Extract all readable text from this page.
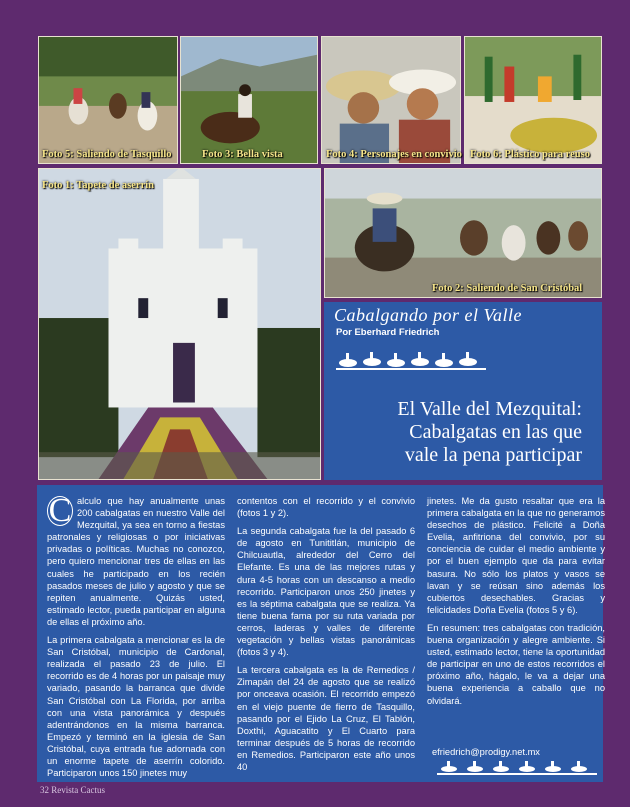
Foto 5: Saliendo de Tasquillo	Foto 3: Bella vista	Foto 4: Personajes en convivio Foto 6: Plástico para reuso
Foto 1: Tapete de aserrín
Foto 2: Saliendo de San Cristóbal
Cabalgando por el Valle
Por Eberhard Friedrich
El Valle del Mezquital:
Cabalgatas en las que
vale la pena participar

C alculo que hay anualmente unas 200 cabalgatas en nuestro Valle del Mezquital, ya sea en torno a fiestas patronales y religiosas o por iniciativas privadas o políticas. Muchas no conozco, pero quiero mencionar tres de ellas en las cuales he participado en los recién pasados meses de julio y agosto y que se repiten anualmente. Quizás usted, estimado lector, pueda participar en alguna de ellas el próximo año.

La primera cabalgata a mencionar es la de San Cristóbal, municipio de Cardonal, realizada el pasado 23 de julio. El recorrido es de 4 horas por un paisaje muy variado, pasando la barranca que divide San Cristóbal con La Florida, por arriba con una vista panorámica y después adentrándonos en la misma barranca. Empezó y terminó en la iglesia de San Cristóbal, cuya entrada fue adornada con un enorme tapete de aserrín colorido. Participaron unos 150 jinetes muy

contentos con el recorrido y el convivio (fotos 1 y 2).

La segunda cabalgata fue la del pasado 6 de agosto en Tunititlán, municipio de Chilcuautla, alrededor del Cerro del Elefante. Es una de las mejores rutas y dura 4-5 horas con un descanso a medio recorrido. Participaron unos 250 jinetes y es la séptima cabalgata que se realiza. Ya tiene buena fama por su ruta variada por cerros, laderas y valles de diferente vegetación y bellas vistas panorámicas (fotos 3 y 4).

La tercera cabalgata es la de Remedios / Zimapán del 24 de agosto que se realizó por onceava ocasión. El recorrido empezó en el viejo puente de fierro de Tasquillo, pasando por el Ejido La Cruz, El Tablón, Doxthi, Aguacatito y El Cuarto para terminar después de 5 horas de recorrido en Remedios. Participaron este año unos 40

jinetes. Me da gusto resaltar que era la primera cabalgata en la que no generamos desechos de plástico. Felicité a Doña Evelia, anfitriona del convivio, por su conciencia de cuidar el medio ambiente y por el buen ejemplo que da para evitar basura. No sólo los platos y vasos se lavan y se reúsan sino además los cubiertos desechables. Gracias y felicidades Doña Evelia (fotos 5 y 6).

En resumen: tres cabalgatas con tradición, buena organización y alegre ambiente. Si usted, estimado lector, tiene la oportunidad de participar en uno de estos recorridos el próximo año, hágalo, le va a dejar una buena experiencia a caballo que no olvidará.

efriedrich@prodigy.net.mx
32 Revista Cactus
